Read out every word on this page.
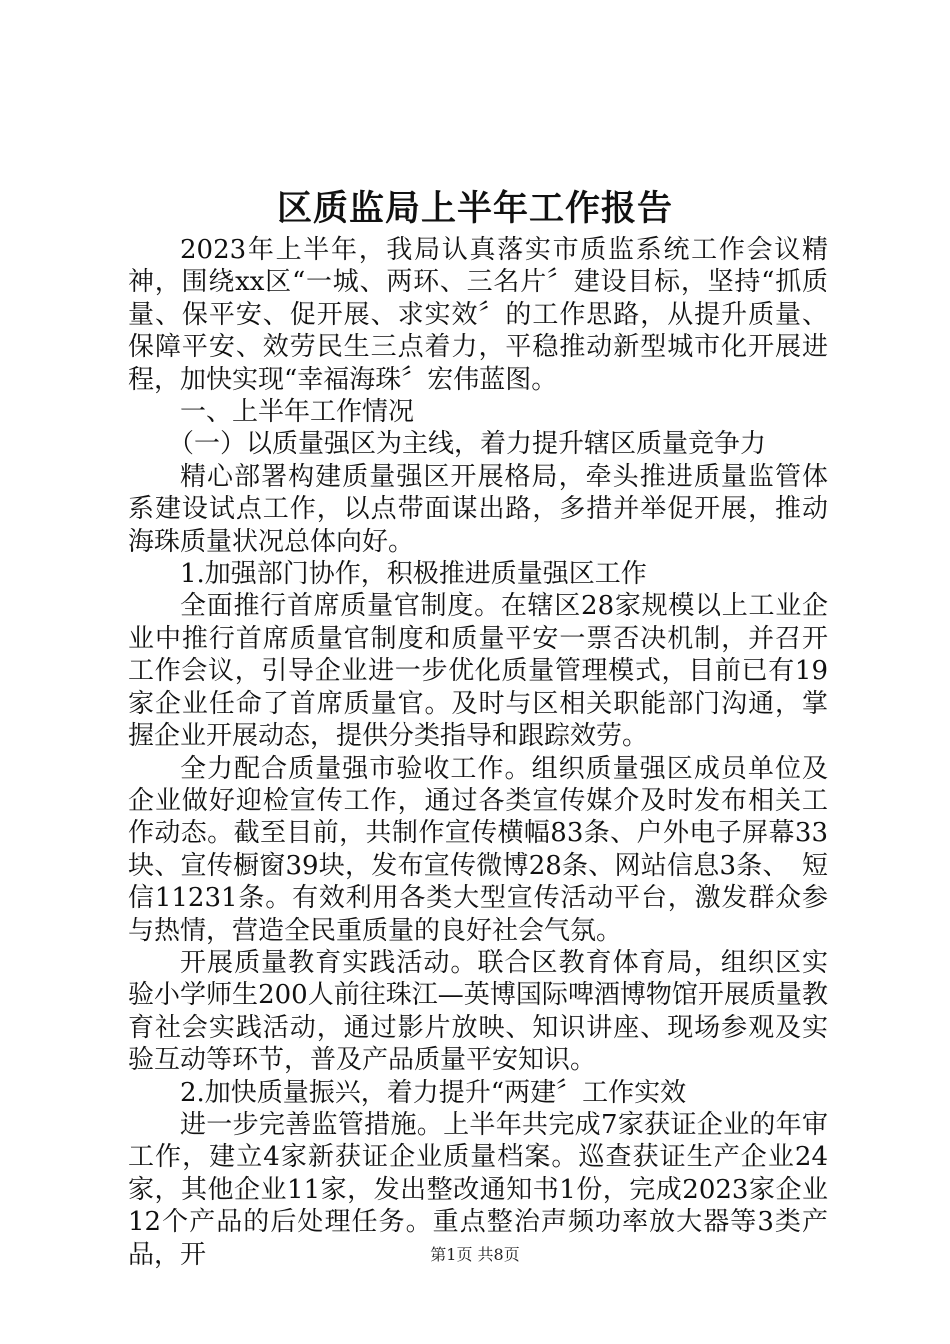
区质监局上半年工作报告

2023年上半年，我局认真落实市质监系统工作会议精神，围绕xx区“一城、两环、三名片〞建设目标，坚持“抓质量、保平安、促开展、求实效〞的工作思路，从提升质量、保障平安、效劳民生三点着力，平稳推动新型城市化开展进程，加快实现“幸福海珠〞宏伟蓝图。

一、上半年工作情况

（一）以质量强区为主线，着力提升辖区质量竞争力

精心部署构建质量强区开展格局，牵头推进质量监管体系建设试点工作，以点带面谋出路，多措并举促开展，推动海珠质量状况总体向好。

1.加强部门协作，积极推进质量强区工作

全面推行首席质量官制度。在辖区28家规模以上工业企业中推行首席质量官制度和质量平安一票否决机制，并召开工作会议，引导企业进一步优化质量管理模式，目前已有19家企业任命了首席质量官。及时与区相关职能部门沟通，掌握企业开展动态，提供分类指导和跟踪效劳。

全力配合质量强市验收工作。组织质量强区成员单位及企业做好迎检宣传工作，通过各类宣传媒介及时发布相关工作动态。截至目前，共制作宣传横幅83条、户外电子屏幕33块、宣传橱窗39块，发布宣传微博28条、网站信息3条、　短信11231条。有效利用各类大型宣传活动平台，激发群众参与热情，营造全民重质量的良好社会气氛。

开展质量教育实践活动。联合区教育体育局，组织区实验小学师生200人前往珠江—英博国际啤酒博物馆开展质量教育社会实践活动，通过影片放映、知识讲座、现场参观及实验互动等环节，普及产品质量平安知识。

2.加快质量振兴，着力提升“两建〞工作实效

进一步完善监管措施。上半年共完成7家获证企业的年审工作，建立4家新获证企业质量档案。巡查获证生产企业24家，其他企业11家，发出整改通知书1份，完成2023家企业12个产品的后处理任务。重点整治声频功率放大器等3类产品，开	第1页 共8页
